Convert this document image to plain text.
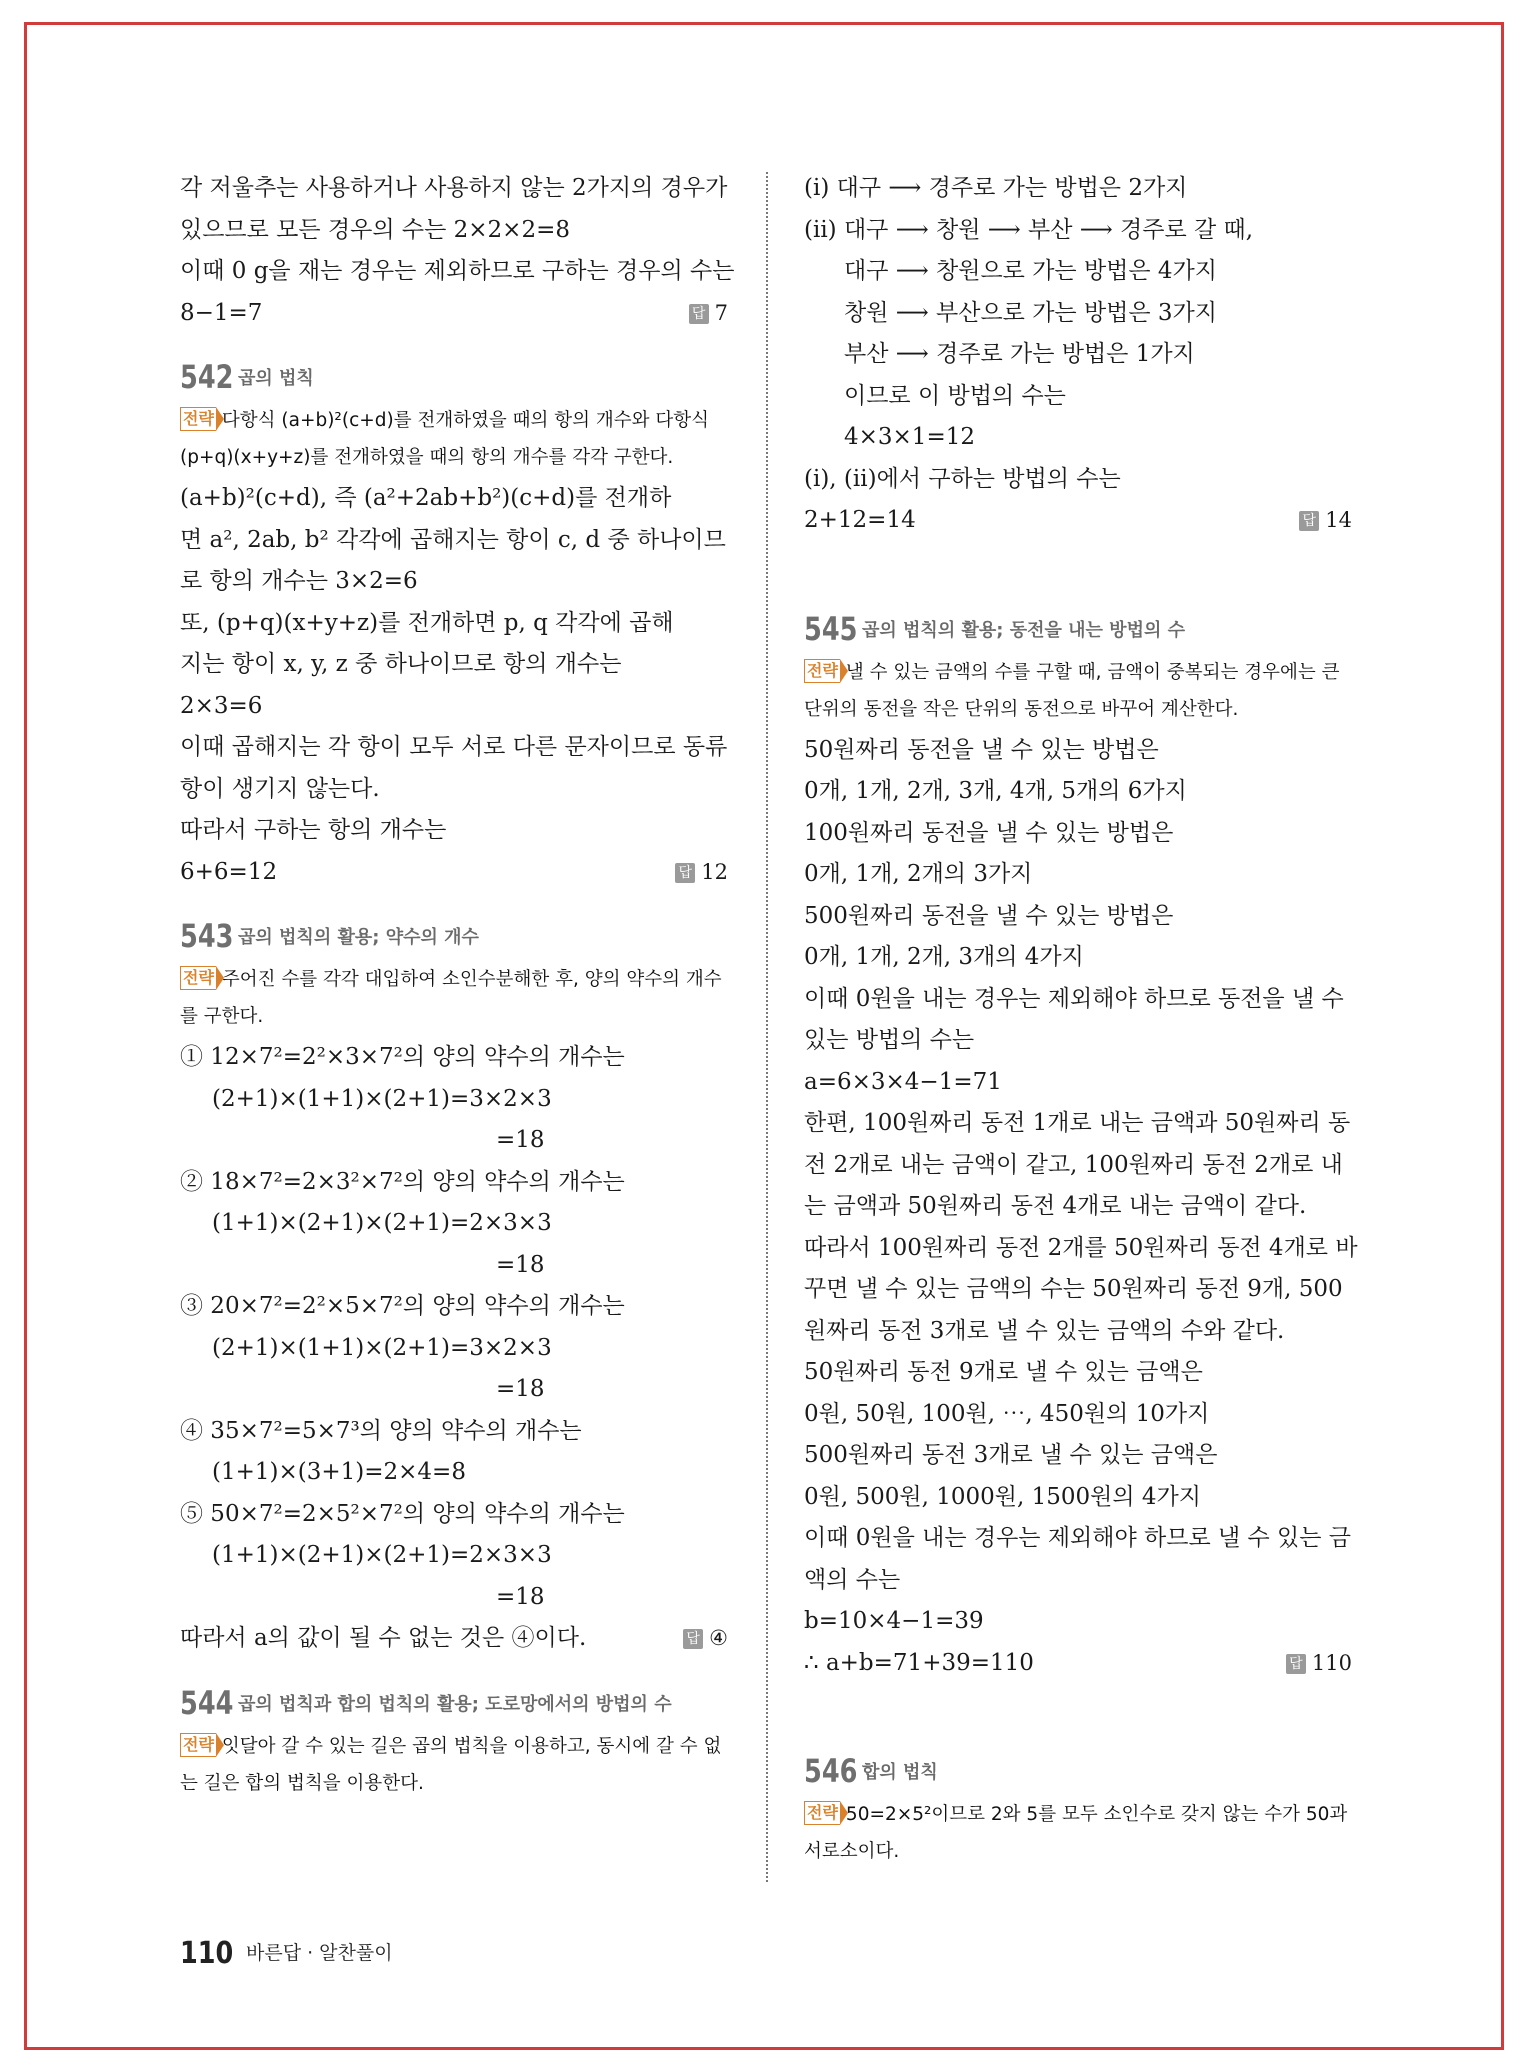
각 저울추는 사용하거나 사용하지 않는 2가지의 경우가
있으므로 모든 경우의 수는 2×2×2=8
이때 0 g을 재는 경우는 제외하므로 구하는 경우의 수는
8−1=7	답 7
542 곱의 법칙
전략 다항식 (a+b)²(c+d)를 전개하였을 때의 항의 개수와 다항식 (p+q)(x+y+z)를 전개하였을 때의 항의 개수를 각각 구한다.
(a+b)²(c+d), 즉 (a²+2ab+b²)(c+d)를 전개하
면 a², 2ab, b² 각각에 곱해지는 항이 c, d 중 하나이므
로 항의 개수는 3×2=6
또, (p+q)(x+y+z)를 전개하면 p, q 각각에 곱해
지는 항이 x, y, z 중 하나이므로 항의 개수는
2×3=6
이때 곱해지는 각 항이 모두 서로 다른 문자이므로 동류
항이 생기지 않는다.
따라서 구하는 항의 개수는
6+6=12	답 12
543 곱의 법칙의 활용; 약수의 개수
전략 주어진 수를 각각 대입하여 소인수분해한 후, 양의 약수의 개수를 구한다.
① 12×7²=2²×3×7²의 양의 약수의 개수는
(2+1)×(1+1)×(2+1)=3×2×3
=18
② 18×7²=2×3²×7²의 양의 약수의 개수는
(1+1)×(2+1)×(2+1)=2×3×3
=18
③ 20×7²=2²×5×7²의 양의 약수의 개수는
(2+1)×(1+1)×(2+1)=3×2×3
=18
④ 35×7²=5×7³의 양의 약수의 개수는
(1+1)×(3+1)=2×4=8
⑤ 50×7²=2×5²×7²의 양의 약수의 개수는
(1+1)×(2+1)×(2+1)=2×3×3
=18
따라서 a의 값이 될 수 없는 것은 ④이다.	답 ④
544 곱의 법칙과 합의 법칙의 활용; 도로망에서의 방법의 수
전략 잇달아 갈 수 있는 길은 곱의 법칙을 이용하고, 동시에 갈 수 없는 길은 합의 법칙을 이용한다.
(ⅰ) 대구 ⟶ 경주로 가는 방법은 2가지
(ⅱ) 대구 ⟶ 창원 ⟶ 부산 ⟶ 경주로 갈 때,
대구 ⟶ 창원으로 가는 방법은 4가지
창원 ⟶ 부산으로 가는 방법은 3가지
부산 ⟶ 경주로 가는 방법은 1가지
이므로 이 방법의 수는
4×3×1=12
(ⅰ), (ⅱ)에서 구하는 방법의 수는
2+12=14	답 14
545 곱의 법칙의 활용; 동전을 내는 방법의 수
전략 낼 수 있는 금액의 수를 구할 때, 금액이 중복되는 경우에는 큰 단위의 동전을 작은 단위의 동전으로 바꾸어 계산한다.
50원짜리 동전을 낼 수 있는 방법은
0개, 1개, 2개, 3개, 4개, 5개의 6가지
100원짜리 동전을 낼 수 있는 방법은
0개, 1개, 2개의 3가지
500원짜리 동전을 낼 수 있는 방법은
0개, 1개, 2개, 3개의 4가지
이때 0원을 내는 경우는 제외해야 하므로 동전을 낼 수
있는 방법의 수는
a=6×3×4−1=71
한편, 100원짜리 동전 1개로 내는 금액과 50원짜리 동
전 2개로 내는 금액이 같고, 100원짜리 동전 2개로 내
는 금액과 50원짜리 동전 4개로 내는 금액이 같다.
따라서 100원짜리 동전 2개를 50원짜리 동전 4개로 바
꾸면 낼 수 있는 금액의 수는 50원짜리 동전 9개, 500
원짜리 동전 3개로 낼 수 있는 금액의 수와 같다.
50원짜리 동전 9개로 낼 수 있는 금액은
0원, 50원, 100원, ⋯, 450원의 10가지
500원짜리 동전 3개로 낼 수 있는 금액은
0원, 500원, 1000원, 1500원의 4가지
이때 0원을 내는 경우는 제외해야 하므로 낼 수 있는 금
액의 수는
b=10×4−1=39
∴ a+b=71+39=110	답 110
546 합의 법칙
전략 50=2×5²이므로 2와 5를 모두 소인수로 갖지 않는 수가 50과 서로소이다.
110 바른답 · 알찬풀이
